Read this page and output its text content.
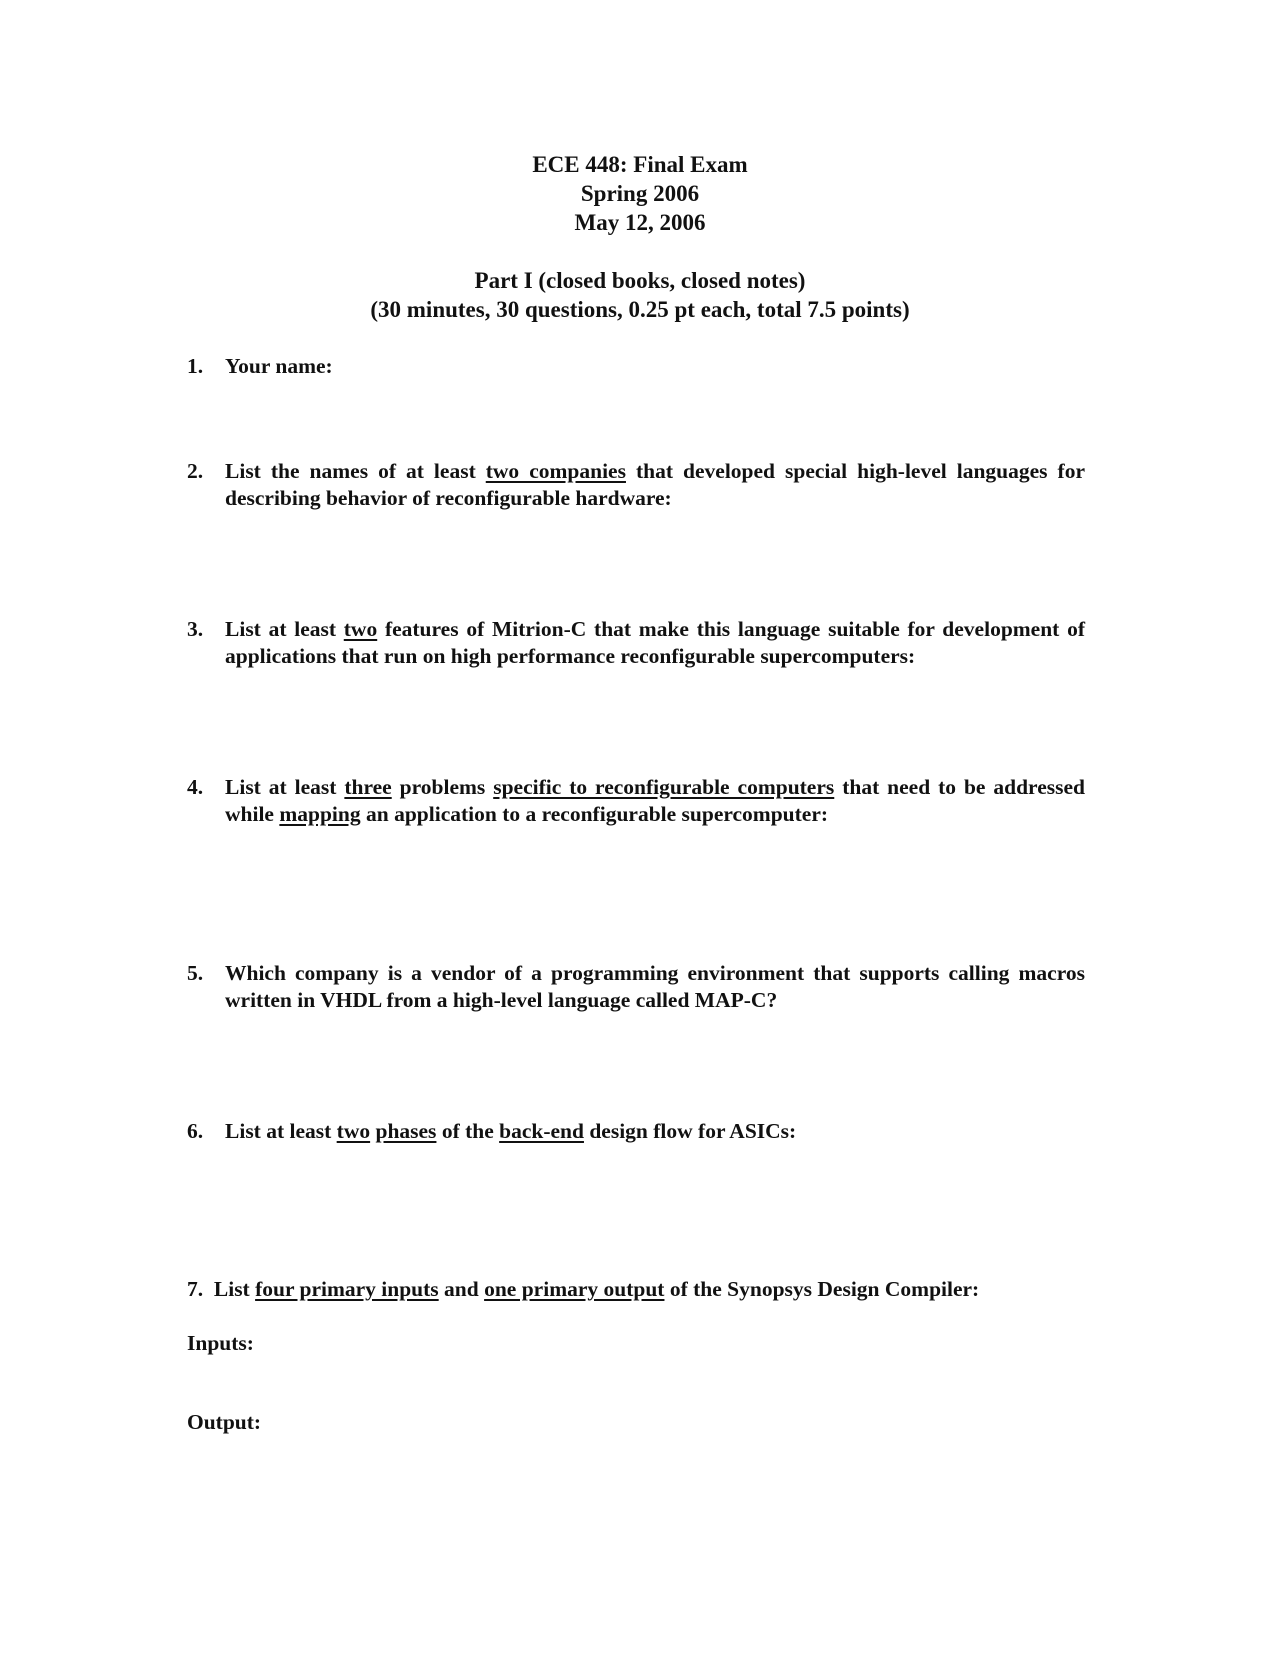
ECE 448: Final Exam
Spring 2006
May 12, 2006
Part I (closed books, closed notes)
(30 minutes, 30 questions, 0.25 pt each, total 7.5 points)
1. Your name:
2. List the names of at least two companies that developed special high-level languages for describing behavior of reconfigurable hardware:
3. List at least two features of Mitrion-C that make this language suitable for development of applications that run on high performance reconfigurable supercomputers:
4. List at least three problems specific to reconfigurable computers that need to be addressed while mapping an application to a reconfigurable supercomputer:
5. Which company is a vendor of a programming environment that supports calling macros written in VHDL from a high-level language called MAP-C?
6. List at least two phases of the back-end design flow for ASICs:
7. List four primary inputs and one primary output of the Synopsys Design Compiler:
Inputs:
Output:
